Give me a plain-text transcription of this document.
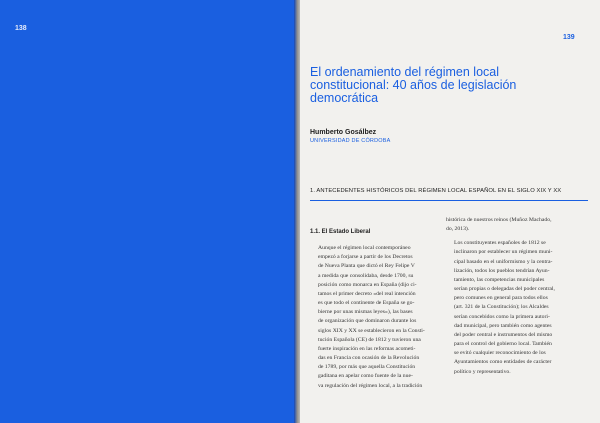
138
139
El ordenamiento del régimen local
constitucional: 40 años de legislación
democrática
Humberto Gosálbez
UNIVERSIDAD DE CÓRDOBA
1. ANTECEDENTES HISTÓRICOS DEL RÉGIMEN LOCAL ESPAÑOL EN EL SIGLO XIX Y XX
1.1. El Estado Liberal

Aunque el régimen local contemporáneo
empezó a forjarse a partir de los Decretos
de Nueva Planta que dictó el Rey Felipe V
a medida que consolidaba, desde 1700, su
posición como monarca en España (dijo ci-
tamos el primer decreto «del real intención
es que todo el continente de España se go-
bierne por unas mismas leyes»), las bases
de organización que dominaron durante los
siglos XIX y XX se establecieron en la Consti-
tución Española (CE) de 1812 y tuvieron una
fuerte inspiración en las reformas acometi-
das en Francia con ocasión de la Revolución
de 1789, por más que aquella Constitución
gaditana en apelar como fuente de la nue-
va regulación del régimen local, a la tradición

histórica de nuestros reinos (Muñoz Machado,
do, 2013).

Los constituyentes españoles de 1812 se
inclinaron por establecer un régimen muni-
cipal basado en el uniformismo y la centra-
lización, todos los pueblos tendrían Ayun-
tamiento, las competencias municipales
serían propias o delegadas del poder central,
pero comunes en general para todos ellos
(art. 321 de la Constitución); los Alcaldes
serían concebidos como la primera autori-
dad municipal, pero también como agentes
del poder central e instrumentos del mismo
para el control del gobierno local. También
se evitó cualquier reconocimiento de los
Ayuntamientos como entidades de carácter
político y representativo.
